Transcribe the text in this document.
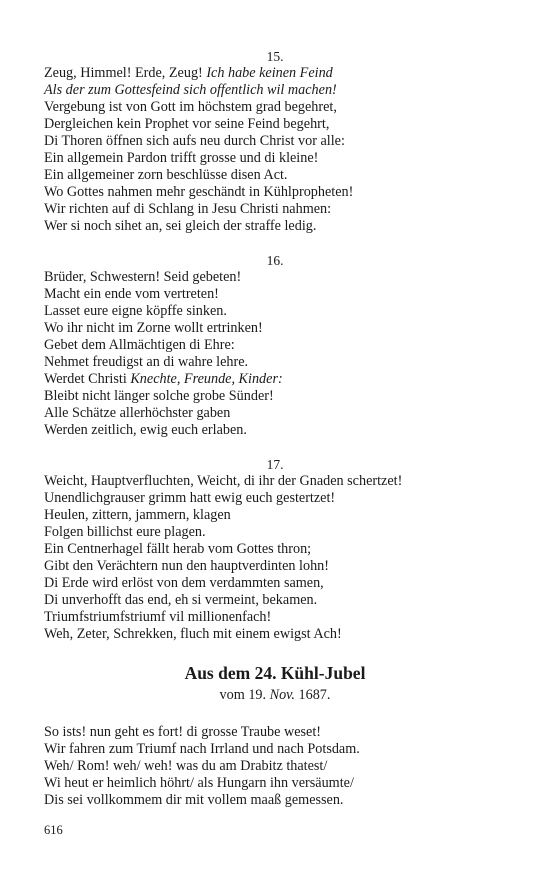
15.
Zeug, Himmel! Erde, Zeug! Ich habe keinen Feind
Als der zum Gottesfeind sich offentlich wil machen!
Vergebung ist von Gott im höchstem grad begehret,
Dergleichen kein Prophet vor seine Feind begehrt,
Di Thoren öffnen sich aufs neu durch Christ vor alle:
Ein allgemein Pardon trifft grosse und di kleine!
Ein allgemeiner zorn beschlüsse disen Act.
Wo Gottes nahmen mehr geschändt in Kühlpropheten!
Wir richten auf di Schlang in Jesu Christi nahmen:
Wer si noch sihet an, sei gleich der straffe ledig.
16.
Brüder, Schwestern! Seid gebeten!
Macht ein ende vom vertreten!
Lasset eure eigne köpffe sinken.
Wo ihr nicht im Zorne wollt ertrinken!
Gebet dem Allmächtigen di Ehre:
Nehmet freudigst an di wahre lehre.
Werdet Christi Knechte, Freunde, Kinder:
Bleibt nicht länger solche grobe Sünder!
Alle Schätze allerhöchster gaben
Werden zeitlich, ewig euch erlaben.
17.
Weicht, Hauptverfluchten, Weicht, di ihr der Gnaden schertzet!
Unendlichgrauser grimm hatt ewig euch gestertzet!
Heulen, zittern, jammern, klagen
Folgen billichst eure plagen.
Ein Centnerhagel fällt herab vom Gottes thron;
Gibt den Verächtern nun den hauptverdinten lohn!
Di Erde wird erlöst von dem verdammten samen,
Di unverhofft das end, eh si vermeint, bekamen.
Triumfstriumfstriumf vil millionenfach!
Weh, Zeter, Schrekken, fluch mit einem ewigst Ach!
Aus dem 24. Kühl-Jubel
vom 19. Nov. 1687.
So ists! nun geht es fort! di grosse Traube weset!
Wir fahren zum Triumf nach Irrland und nach Potsdam.
Weh/ Rom! weh/ weh! was du am Drabitz thatest/
Wi heut er heimlich höhrt/ als Hungarn ihn versäumte/
Dis sei vollkommem dir mit vollem maaß gemessen.
616
